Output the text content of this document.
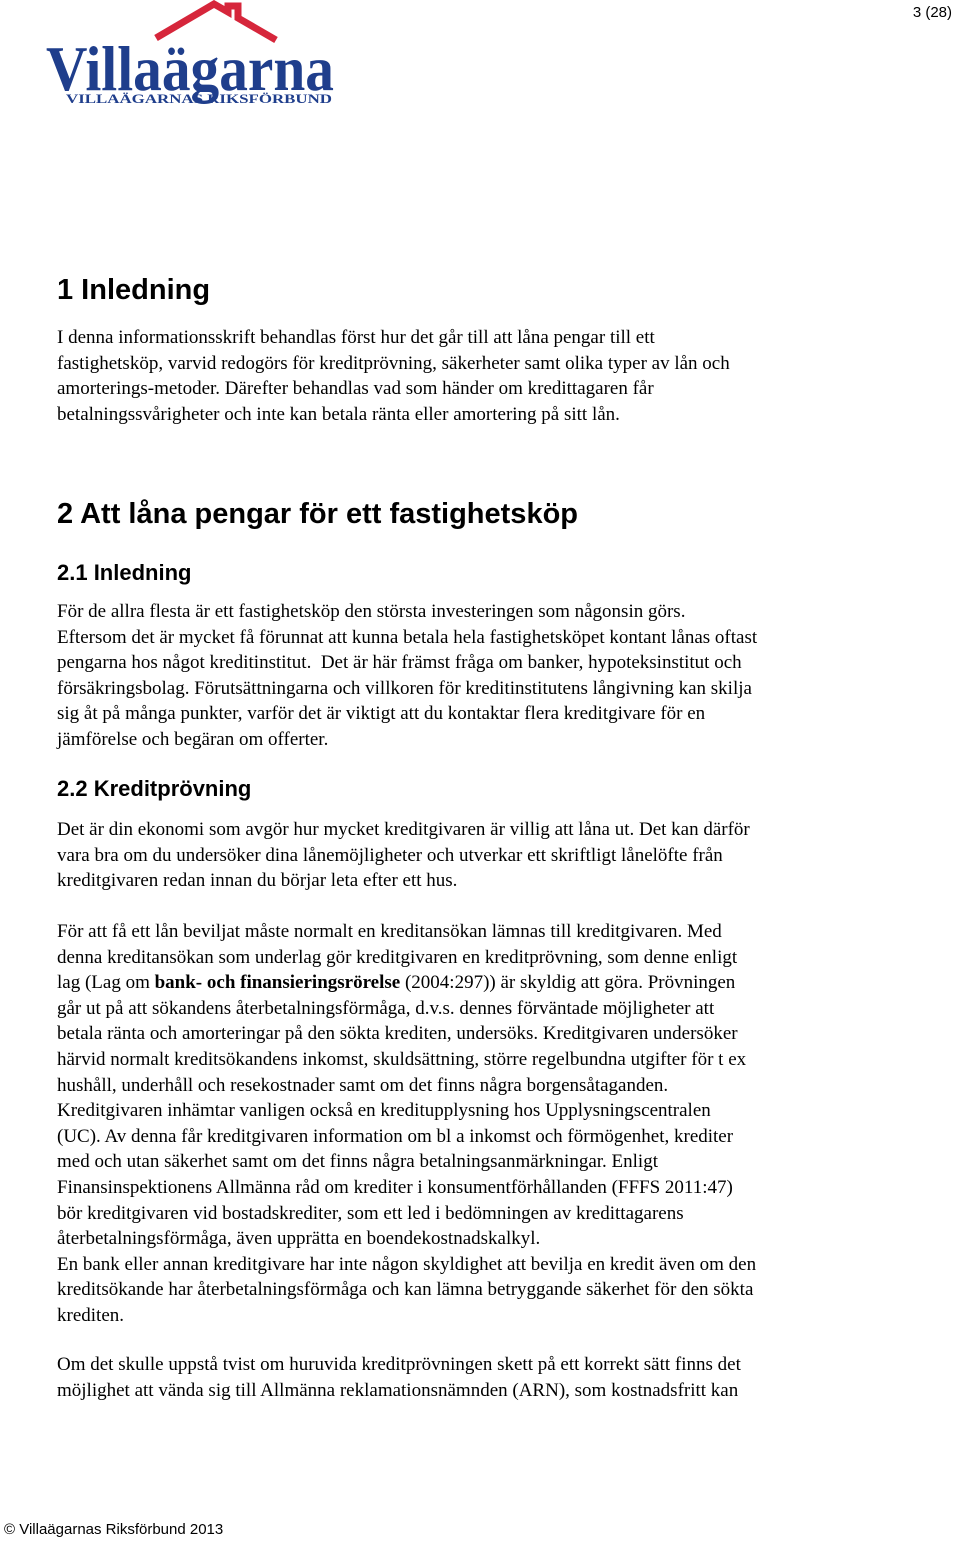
3 (28)
Villaägarna
VILLAÄGARNAS RIKSFÖRBUND
1 Inledning

I denna informationsskrift behandlas först hur det går till att låna pengar till ett
fastighetsköp, varvid redogörs för kreditprövning, säkerheter samt olika typer av lån och
amorterings-metoder. Därefter behandlas vad som händer om kredittagaren får
betalningssvårigheter och inte kan betala ränta eller amortering på sitt lån.

2 Att låna pengar för ett fastighetsköp
2.1 Inledning

För de allra flesta är ett fastighetsköp den största investeringen som någonsin görs.
Eftersom det är mycket få förunnat att kunna betala hela fastighetsköpet kontant lånas oftast
pengarna hos något kreditinstitut.  Det är här främst fråga om banker, hypoteksinstitut och
försäkringsbolag. Förutsättningarna och villkoren för kreditinstitutens långivning kan skilja
sig åt på många punkter, varför det är viktigt att du kontaktar flera kreditgivare för en
jämförelse och begäran om offerter.

2.2 Kreditprövning

Det är din ekonomi som avgör hur mycket kreditgivaren är villig att låna ut. Det kan därför
vara bra om du undersöker dina lånemöjligheter och utverkar ett skriftligt lånelöfte från
kreditgivaren redan innan du börjar leta efter ett hus.

För att få ett lån beviljat måste normalt en kreditansökan lämnas till kreditgivaren. Med
denna kreditansökan som underlag gör kreditgivaren en kreditprövning, som denne enligt
lag (Lag om bank- och finansieringsrörelse (2004:297)) är skyldig att göra. Prövningen
går ut på att sökandens återbetalningsförmåga, d.v.s. dennes förväntade möjligheter att
betala ränta och amorteringar på den sökta krediten, undersöks. Kreditgivaren undersöker
härvid normalt kreditsökandens inkomst, skuldsättning, större regelbundna utgifter för t ex
hushåll, underhåll och resekostnader samt om det finns några borgensåtaganden.
Kreditgivaren inhämtar vanligen också en kreditupplysning hos Upplysningscentralen
(UC). Av denna får kreditgivaren information om bl a inkomst och förmögenhet, krediter
med och utan säkerhet samt om det finns några betalningsanmärkningar. Enligt
Finansinspektionens Allmänna råd om krediter i konsumentförhållanden (FFFS 2011:47)
bör kreditgivaren vid bostadskrediter, som ett led i bedömningen av kredittagarens
återbetalningsförmåga, även upprätta en boendekostnadskalkyl.
En bank eller annan kreditgivare har inte någon skyldighet att bevilja en kredit även om den
kreditsökande har återbetalningsförmåga och kan lämna betryggande säkerhet för den sökta
krediten.

Om det skulle uppstå tvist om huruvida kreditprövningen skett på ett korrekt sätt finns det
möjlighet att vända sig till Allmänna reklamationsnämnden (ARN), som kostnadsfritt kan

© Villaägarnas Riksförbund 2013
